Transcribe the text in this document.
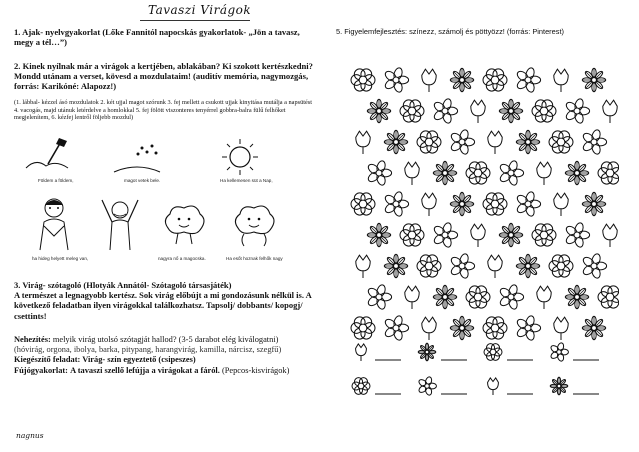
Tavaszi Virágok
1. Ajak- nyelvgyakorlat (Lőke Fannitól napocskás gyakorlatok- „Jön a tavasz, megy a tél…”)
2. Kinek nyílnak már a virágok a kertjében, ablakában? Ki szokott kertészkedni? Mondd utánam a verset, kövesd a mozdulataim! (auditív memória, nagymozgás, forrás: Karikóné: Alapozz!)
(1. lábbal- kézzel ásó mozdulatok 2. két ujjal magot szórunk 3. fej mellett a csukott ujjak kinyitása mutálja a napsütést 4. vacogás, majd utánuk letérdelve a homlokkal 5. fej fölött viszonteres tenyérrel gobbra-balra fülű felhőket megjelenítem, 6. kézfej lentről följebb mozdul)
Földem a földem,	magot vetek bele.	Ha kellemesen süt a Nap,
ha hideg helyett meleg van,	nagyra nő a magocska.	Ha esőt hoznak felhők nagy
3. Virág- szótagoló (Hlotyák Annától- Szótagoló társasjáték)
A természet a legnagyobb kertész. Sok virág előbújt a mi gondozásunk nélkül is. A következő feladatban ilyen virágokkal találkozhatsz. Tapsolj/ dobbants/ kopogj/ csettints!
Nehezítés: melyik virág utolsó szótagját hallod? (3-5 darabot elég kiválogatni)
(hóvirág, orgona, ibolya, barka, pitypang, harangvirág, kamilla, nárcisz, szegfű)
Kiegészítő feladat: Virág- szín egyeztető (csipeszes)
Fújógyakorlat: A tavaszi szellő lefújja a virágokat a fáról. (Pepcos-kisvirágok)
nagnus
5. Figyelemfejlesztés: színezz, számolj és pöttyözz! (forrás: Pinterest)
